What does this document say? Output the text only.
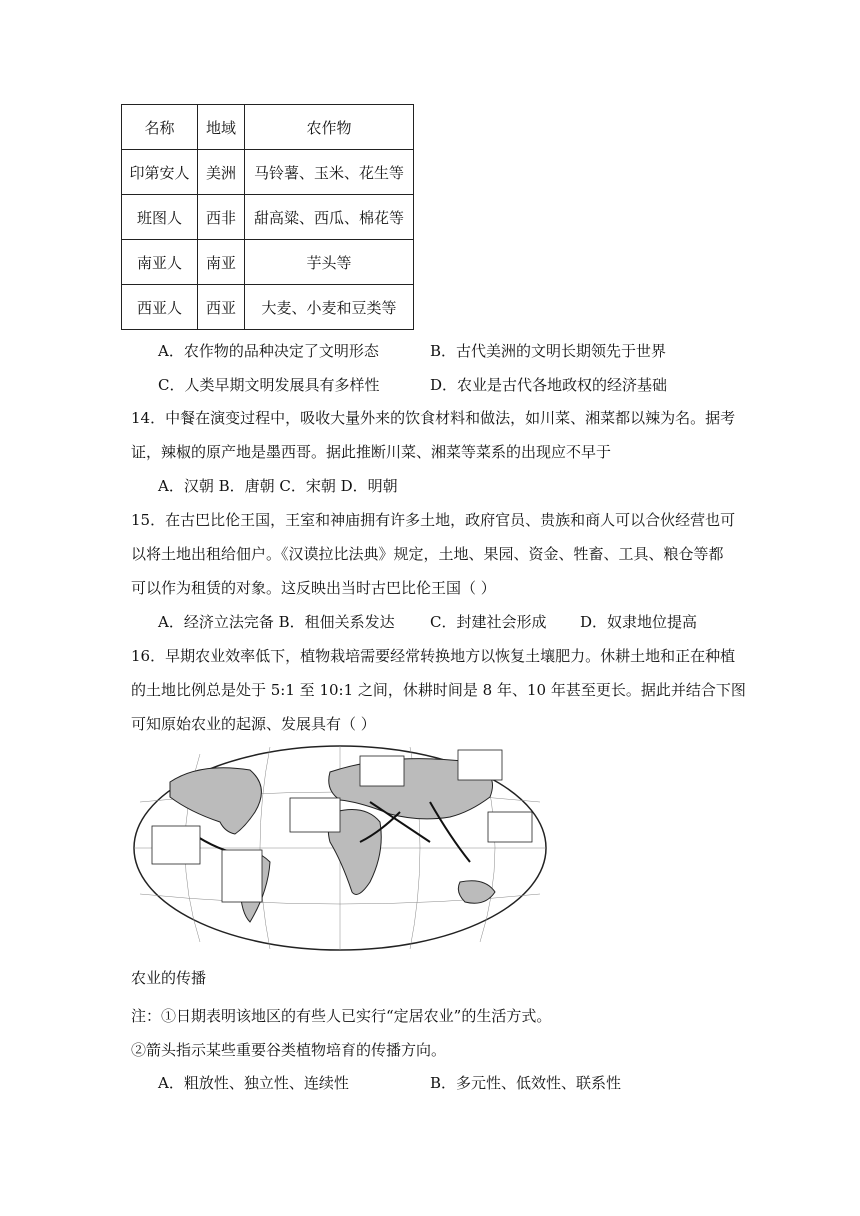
名称	地域	农作物
印第安人	美洲	马铃薯、玉米、花生等
班图人	西非	甜高粱、西瓜、棉花等
南亚人	南亚	芋头等
西亚人	西亚	大麦、小麦和豆类等
A．农作物的品种决定了文明形态	B．古代美洲的文明长期领先于世界
C．人类早期文明发展具有多样性	D．农业是古代各地政权的经济基础
14．中餐在演变过程中，吸收大量外来的饮食材料和做法，如川菜、湘菜都以辣为名。据考
证，辣椒的原产地是墨西哥。据此推断川菜、湘菜等菜系的出现应不早于
A．汉朝 B．唐朝 C．宋朝 D．明朝
15．在古巴比伦王国，王室和神庙拥有许多土地，政府官员、贵族和商人可以合伙经营也可
以将土地出租给佃户。《汉谟拉比法典》规定，土地、果园、资金、牲畜、工具、粮仓等都
可以作为租赁的对象。这反映出当时古巴比伦王国（ ）
A．经济立法完备 B．租佃关系发达 C．封建社会形成 D．奴隶地位提高
16．早期农业效率低下，植物栽培需要经常转换地方以恢复土壤肥力。休耕土地和正在种植
的土地比例总是处于 5:1 至 10:1 之间，休耕时间是 8 年、10 年甚至更长。据此并结合下图
可知原始农业的起源、发展具有（ ）
农业的传播
注：①日期表明该地区的有些人已实行“定居农业”的生活方式。
②箭头指示某些重要谷类植物培育的传播方向。
A．粗放性、独立性、连续性	B．多元性、低效性、联系性
